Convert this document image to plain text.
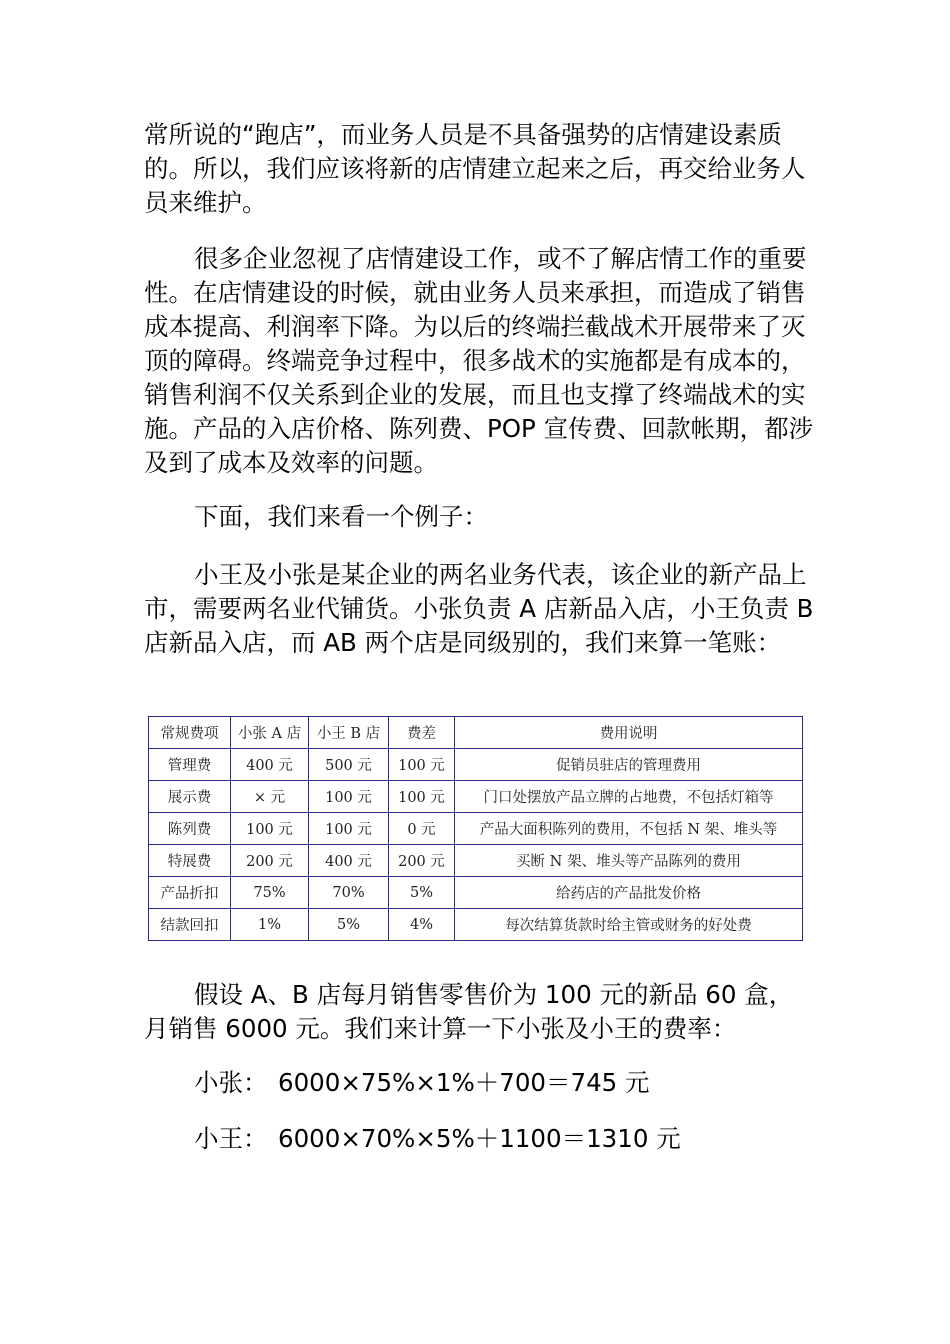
常所说的“跑店”，而业务人员是不具备强势的店情建设素质的。所以，我们应该将新的店情建立起来之后，再交给业务人员来维护。

很多企业忽视了店情建设工作，或不了解店情工作的重要性。在店情建设的时候，就由业务人员来承担，而造成了销售成本提高、利润率下降。为以后的终端拦截战术开展带来了灭顶的障碍。终端竞争过程中，很多战术的实施都是有成本的，销售利润不仅关系到企业的发展，而且也支撑了终端战术的实施。产品的入店价格、陈列费、POP 宣传费、回款帐期，都涉及到了成本及效率的问题。

下面，我们来看一个例子：

小王及小张是某企业的两名业务代表，该企业的新产品上市，需要两名业代铺货。小张负责 A 店新品入店，小王负责 B 店新品入店，而 AB 两个店是同级别的，我们来算一笔账：

常规费项	小张 A 店	小王 B 店	费差	费用说明
管理费	400 元	500 元	100 元	促销员驻店的管理费用
展示费	× 元	100 元	100 元	门口处摆放产品立牌的占地费，不包括灯箱等
陈列费	100 元	100 元	0 元	产品大面积陈列的费用，不包括 N 架、堆头等
特展费	200 元	400 元	200 元	买断 N 架、堆头等产品陈列的费用
产品折扣	75%	70%	5%	给药店的产品批发价格
结款回扣	1%	5%	4%	每次结算货款时给主管或财务的好处费

假设 A、B 店每月销售零售价为 100 元的新品 60 盒，月销售 6000 元。我们来计算一下小张及小王的费率：

小张： 6000×75%×1%＋700＝745 元
小王： 6000×70%×5%＋1100＝1310 元
